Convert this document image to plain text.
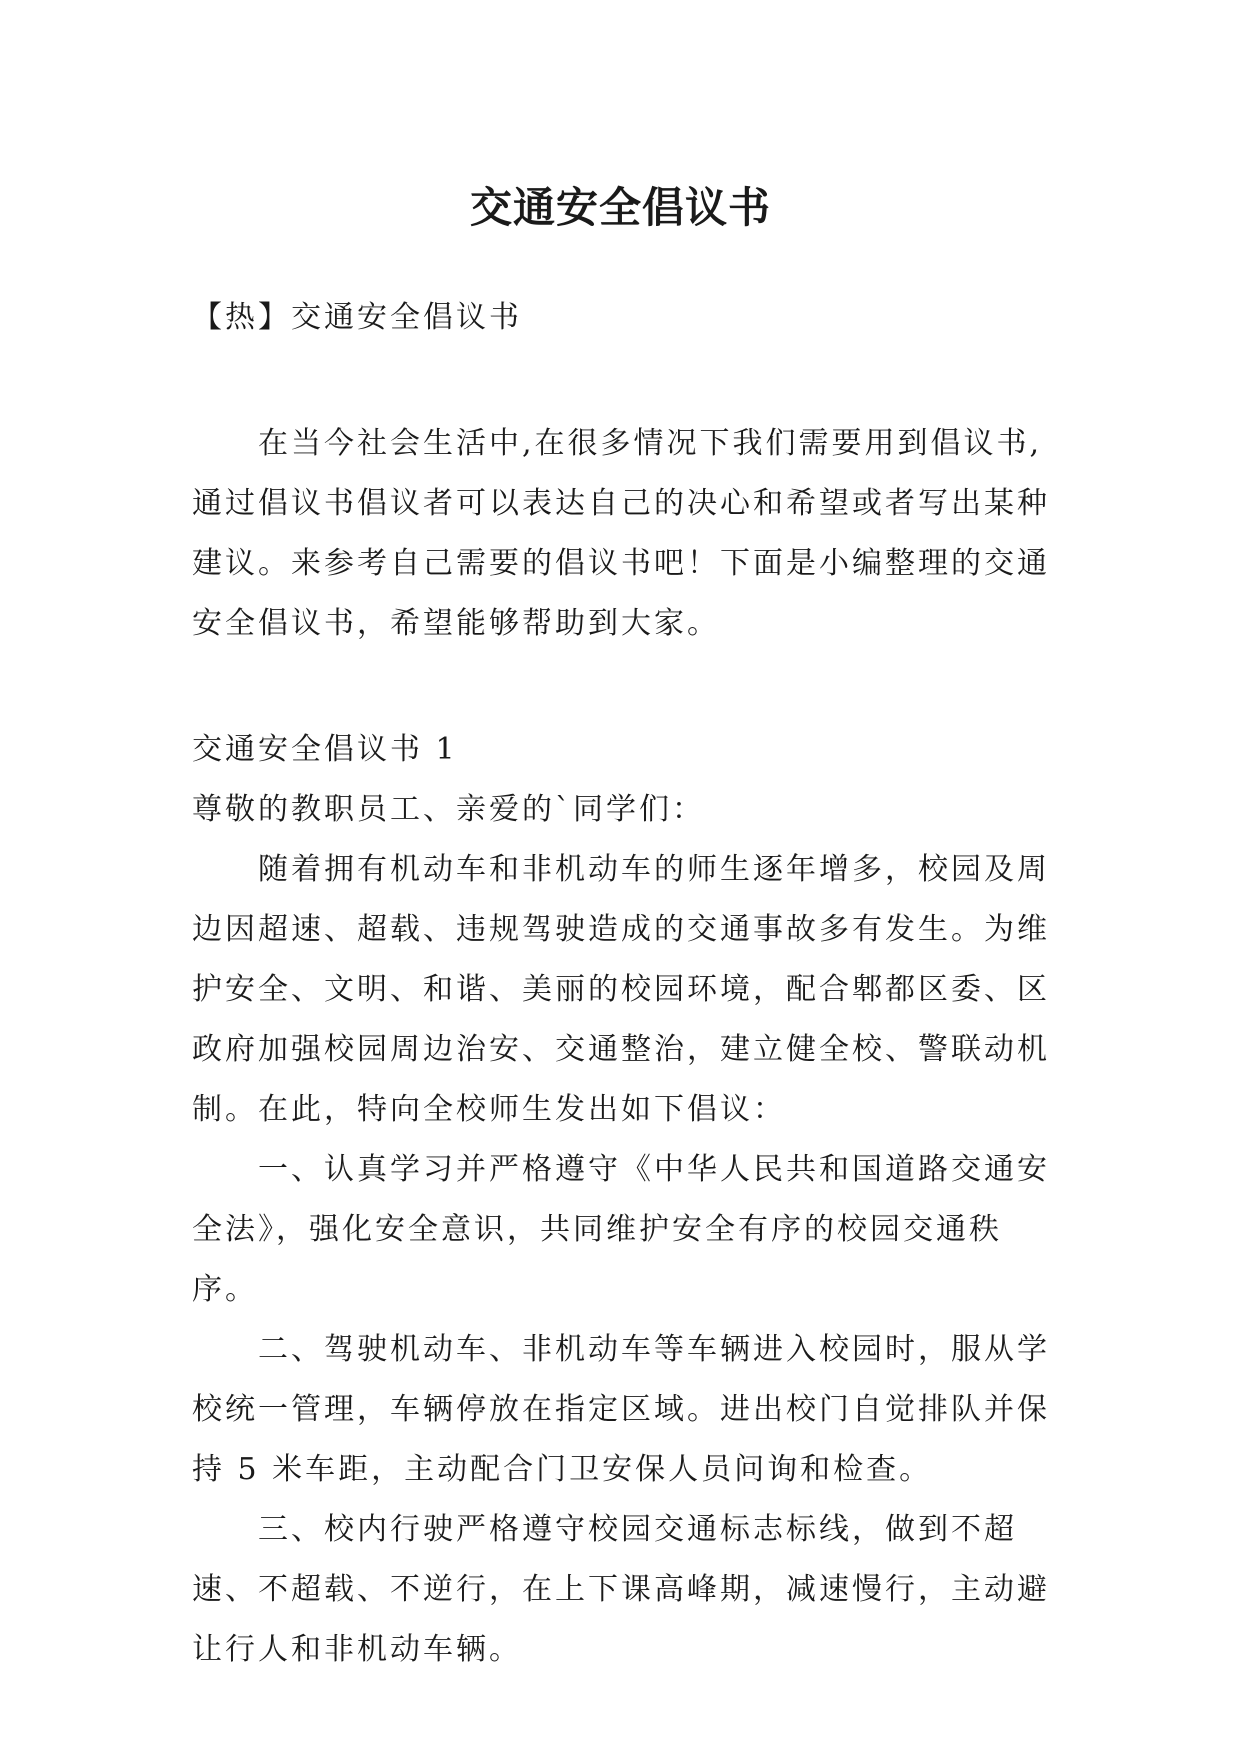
交通安全倡议书

【热】交通安全倡议书

在当今社会生活中,在很多情况下我们需要用到倡议书,通过倡议书倡议者可以表达自己的决心和希望或者写出某种建议。来参考自己需要的倡议书吧！下面是小编整理的交通安全倡议书，希望能够帮助到大家。

交通安全倡议书 1

尊敬的教职员工、亲爱的`同学们：

随着拥有机动车和非机动车的师生逐年增多，校园及周边因超速、超载、违规驾驶造成的交通事故多有发生。为维护安全、文明、和谐、美丽的校园环境，配合郫都区委、区政府加强校园周边治安、交通整治，建立健全校、警联动机制。在此，特向全校师生发出如下倡议：

一、认真学习并严格遵守《中华人民共和国道路交通安全法》，强化安全意识，共同维护安全有序的校园交通秩序。

二、驾驶机动车、非机动车等车辆进入校园时，服从学校统一管理，车辆停放在指定区域。进出校门自觉排队并保持 5 米车距，主动配合门卫安保人员问询和检查。

三、校内行驶严格遵守校园交通标志标线，做到不超速、不超载、不逆行，在上下课高峰期，减速慢行，主动避让行人和非机动车辆。
